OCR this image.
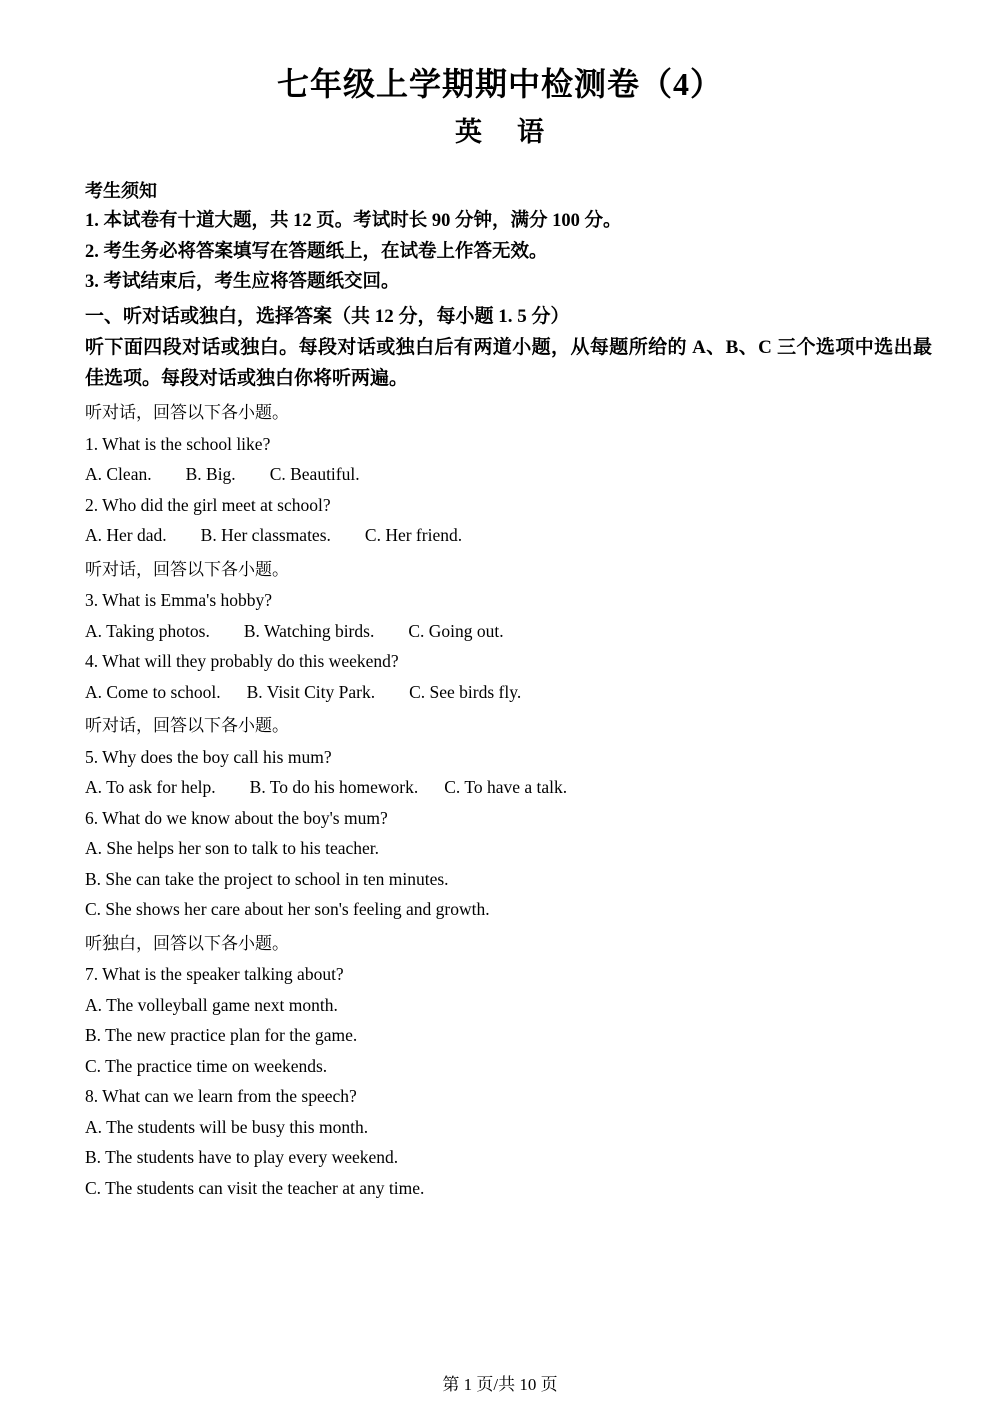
七年级上学期期中检测卷（4）
英 语

考生须知

1. 本试卷有十道大题，共 12 页。考试时长 90 分钟，满分 100 分。

2. 考生务必将答案填写在答题纸上，在试卷上作答无效。

3. 考试结束后，考生应将答题纸交回。

一、听对话或独白，选择答案（共 12 分，每小题 1. 5 分）

听下面四段对话或独白。每段对话或独白后有两道小题，从每题所给的 A、B、C 三个选项中选出最佳选项。每段对话或独白你将听两遍。

听对话，回答以下各小题。

1. What is the school like?

A. Clean. B. Big. C. Beautiful.

2. Who did the girl meet at school?

A. Her dad. B. Her classmates. C. Her friend.

听对话，回答以下各小题。

3. What is Emma's hobby?

A. Taking photos. B. Watching birds. C. Going out.

4. What will they probably do this weekend?

A. Come to school. B. Visit City Park. C. See birds fly.

听对话，回答以下各小题。

5. Why does the boy call his mum?

A. To ask for help. B. To do his homework. C. To have a talk.

6. What do we know about the boy's mum?

A. She helps her son to talk to his teacher.

B. She can take the project to school in ten minutes.

C. She shows her care about her son's feeling and growth.

听独白，回答以下各小题。

7. What is the speaker talking about?

A. The volleyball game next month.

B. The new practice plan for the game.

C. The practice time on weekends.

8. What can we learn from the speech?

A. The students will be busy this month.

B. The students have to play every weekend.

C. The students can visit the teacher at any time.

第 1 页/共 10 页
